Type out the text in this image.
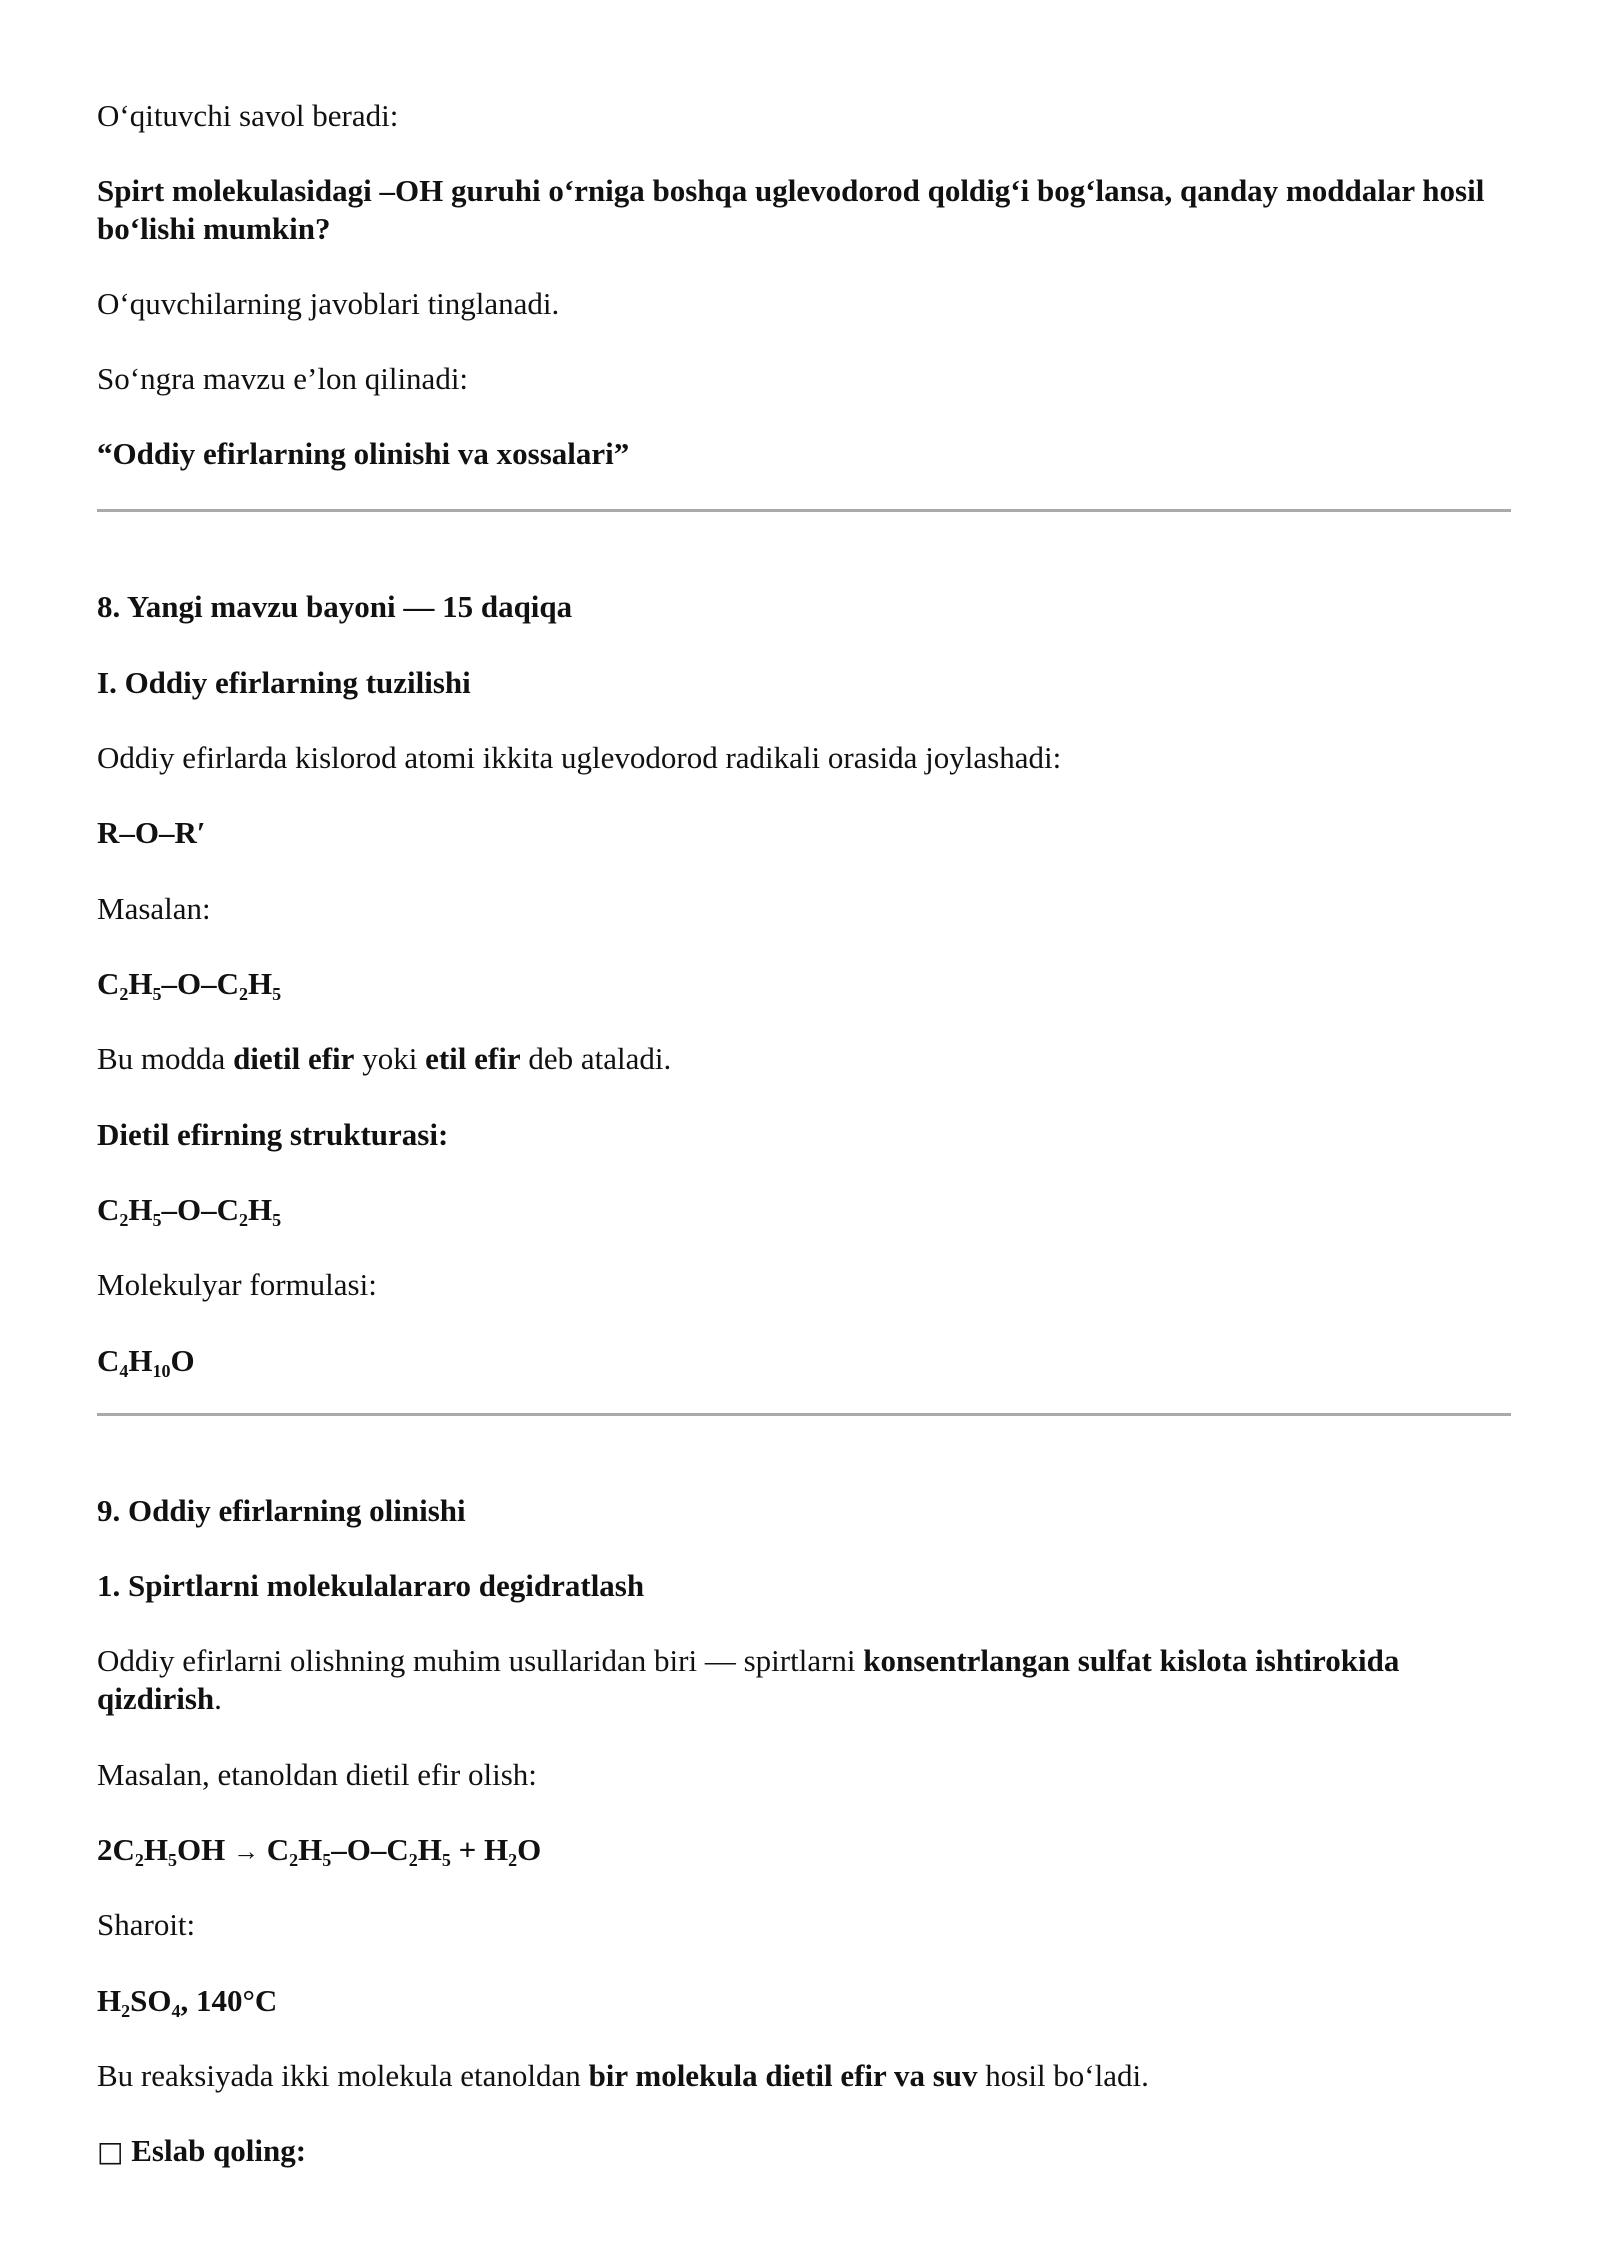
O‘qituvchi savol beradi:
Spirt molekulasidagi –OH guruhi o‘rniga boshqa uglevodorod qoldig‘i bog‘lansa, qanday moddalar hosil bo‘lishi mumkin?
O‘quvchilarning javoblari tinglanadi.
So‘ngra mavzu e’lon qilinadi:
“Oddiy efirlarning olinishi va xossalari”
8. Yangi mavzu bayoni — 15 daqiqa
I. Oddiy efirlarning tuzilishi
Oddiy efirlarda kislorod atomi ikkita uglevodorod radikali orasida joylashadi:
R–O–R′
Masalan:
$C_2H_5-O-C_2H_5$
Bu modda dietil efir yoki etil efir deb ataladi.
Dietil efirning strukturasi:
$C_2H_5-O-C_2H_5$
Molekulyar formulasi:
$C_4H_{10}O$
9. Oddiy efirlarning olinishi
1. Spirtlarni molekulalararo degidratlash
Oddiy efirlarni olishning muhim usullaridan biri — spirtlarni konsentrlangan sulfat kislota ishtirokida
qizdirish.
Masalan, etanoldan dietil efir olish:
$2C_2H_5OH \to C_2H_5-O-C_2H_5 + H_2O$
Sharoit:
$H_2SO_4$, 140°C
Bu reaksiyada ikki molekula etanoldan bir molekula dietil efir va suv hosil bo‘ladi.
□ Eslab qoling:
